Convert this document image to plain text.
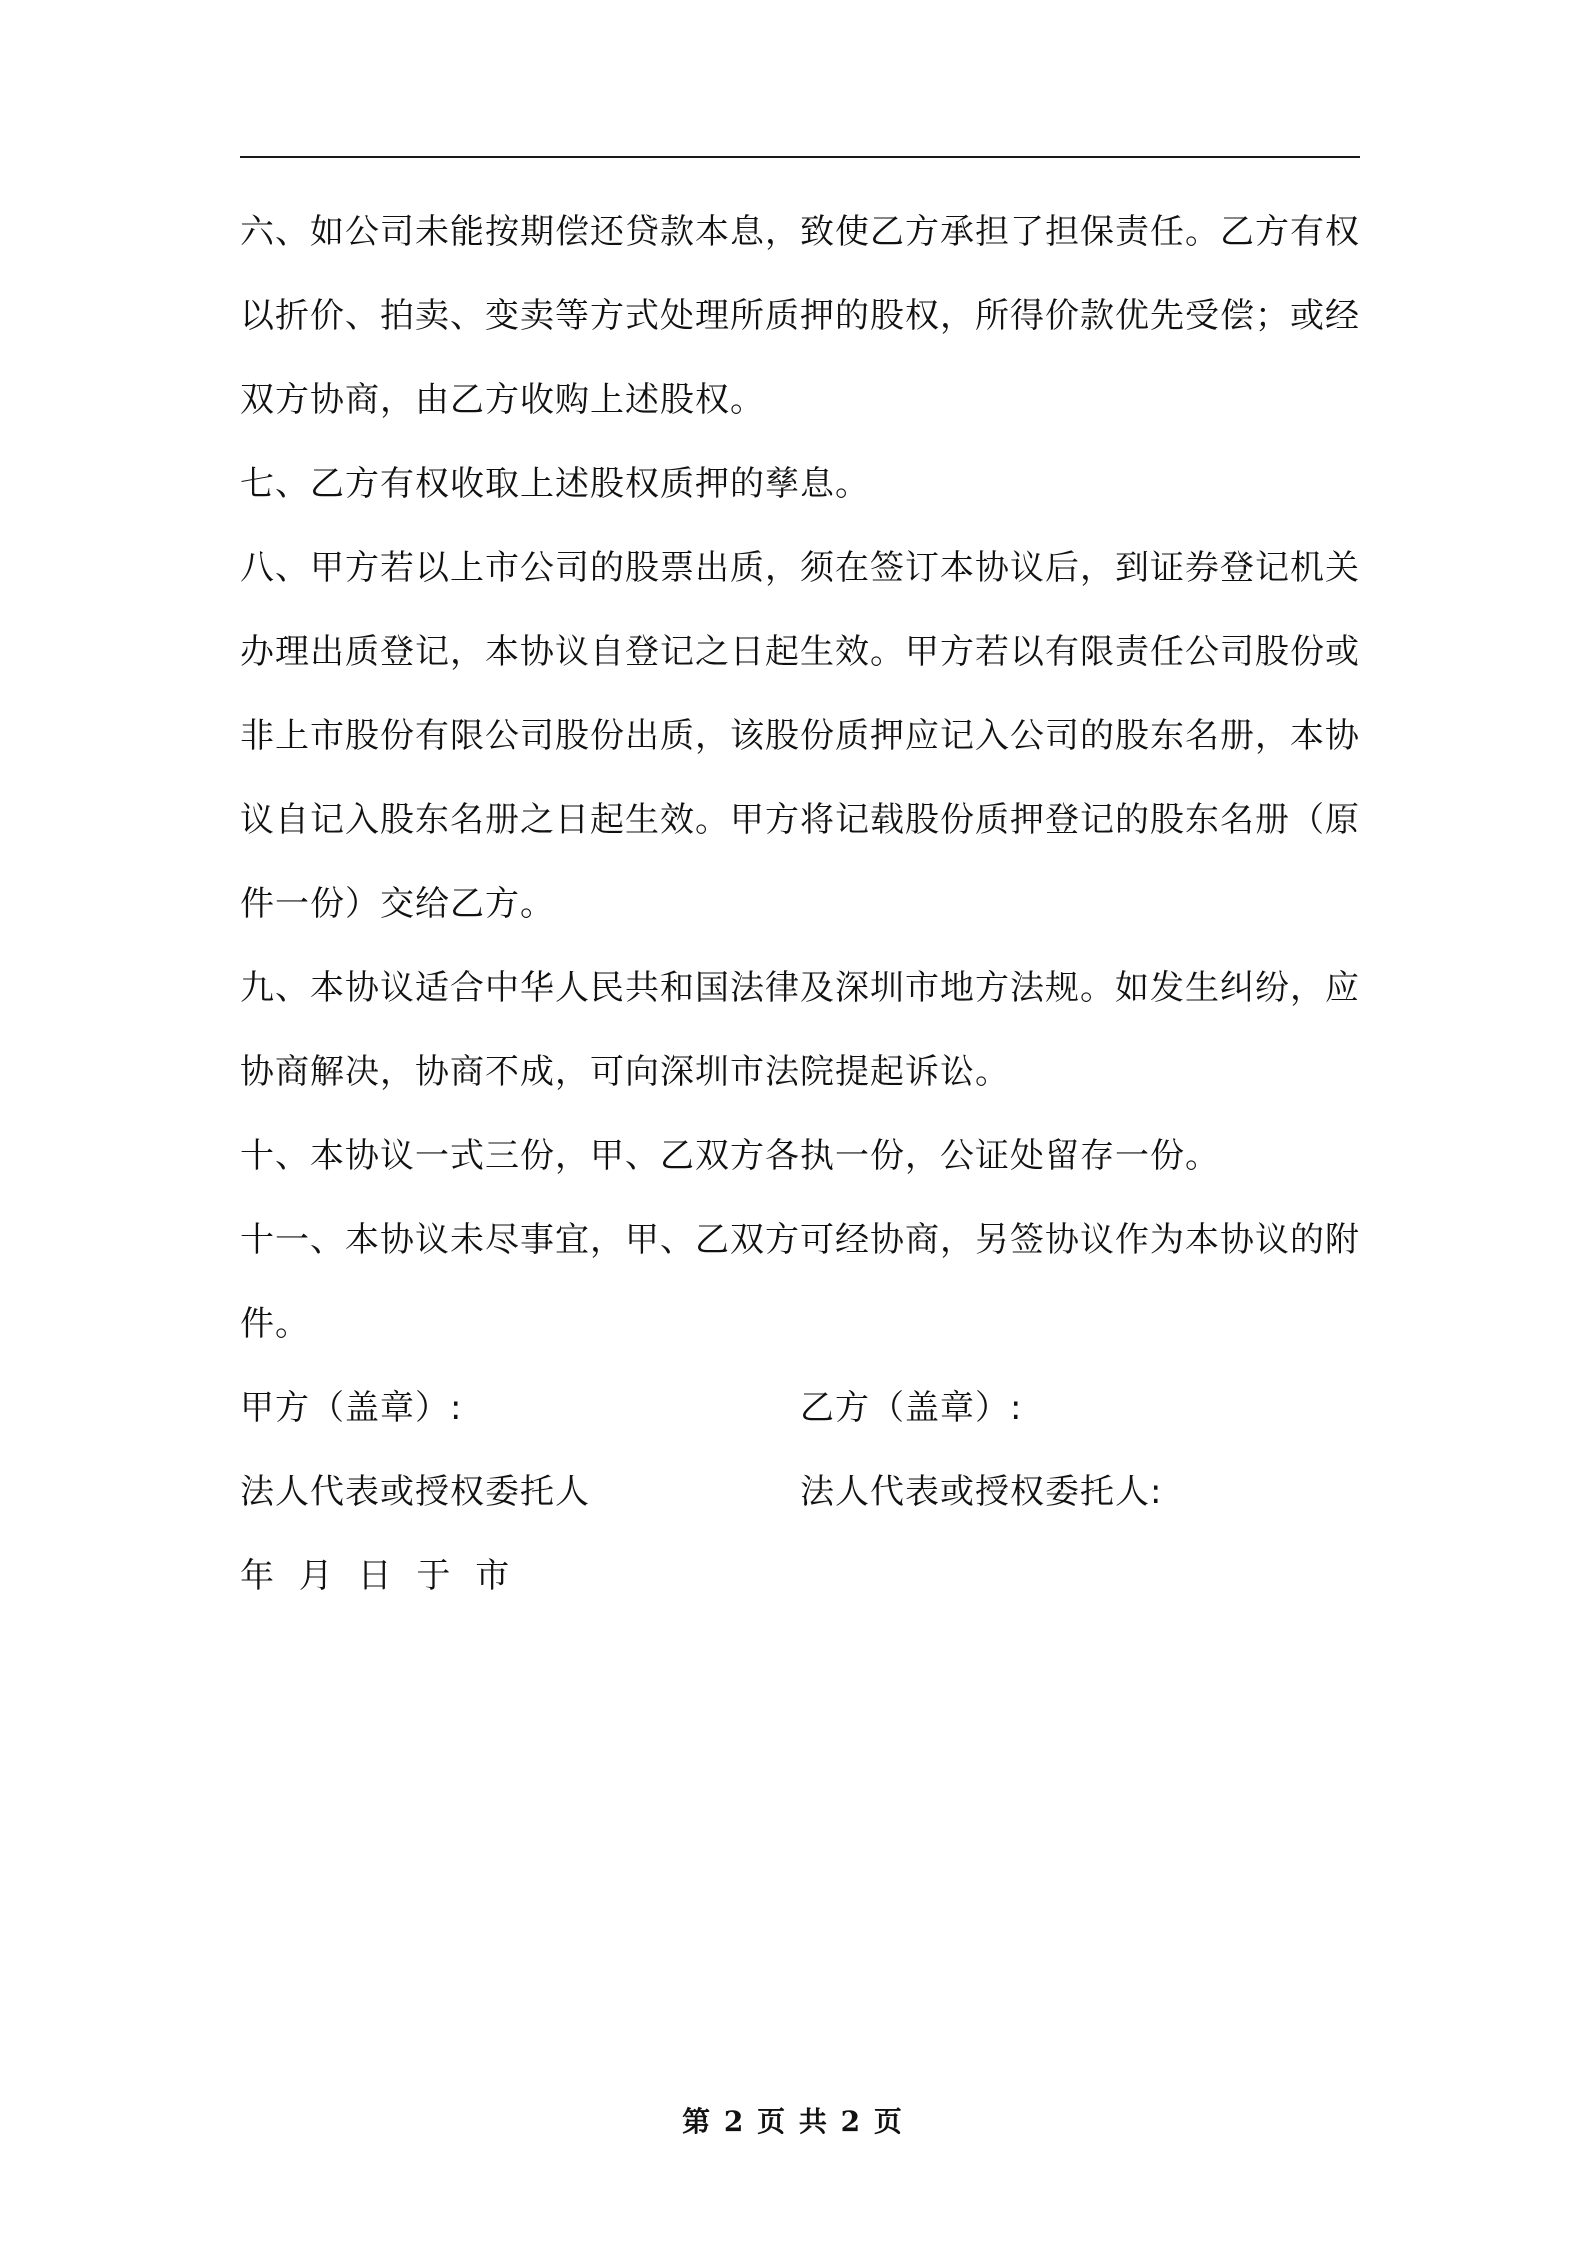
六、如公司未能按期偿还贷款本息，致使乙方承担了担保责任。乙方有权以折价、拍卖、变卖等方式处理所质押的股权，所得价款优先受偿；或经双方协商，由乙方收购上述股权。

七、乙方有权收取上述股权质押的孳息。

八、甲方若以上市公司的股票出质，须在签订本协议后，到证券登记机关办理出质登记，本协议自登记之日起生效。甲方若以有限责任公司股份或非上市股份有限公司股份出质，该股份质押应记入公司的股东名册，本协议自记入股东名册之日起生效。甲方将记载股份质押登记的股东名册（原件一份）交给乙方。

九、本协议适合中华人民共和国法律及深圳市地方法规。如发生纠纷，应协商解决，协商不成，可向深圳市法院提起诉讼。

十、本协议一式三份，甲、乙双方各执一份，公证处留存一份。

十一、本协议未尽事宜，甲、乙双方可经协商，另签协议作为本协议的附件。

甲方（盖章）:	乙方（盖章）:
法人代表或授权委托人	法人代表或授权委托人:
年 月 日 于 市
第 2 页 共 2 页
